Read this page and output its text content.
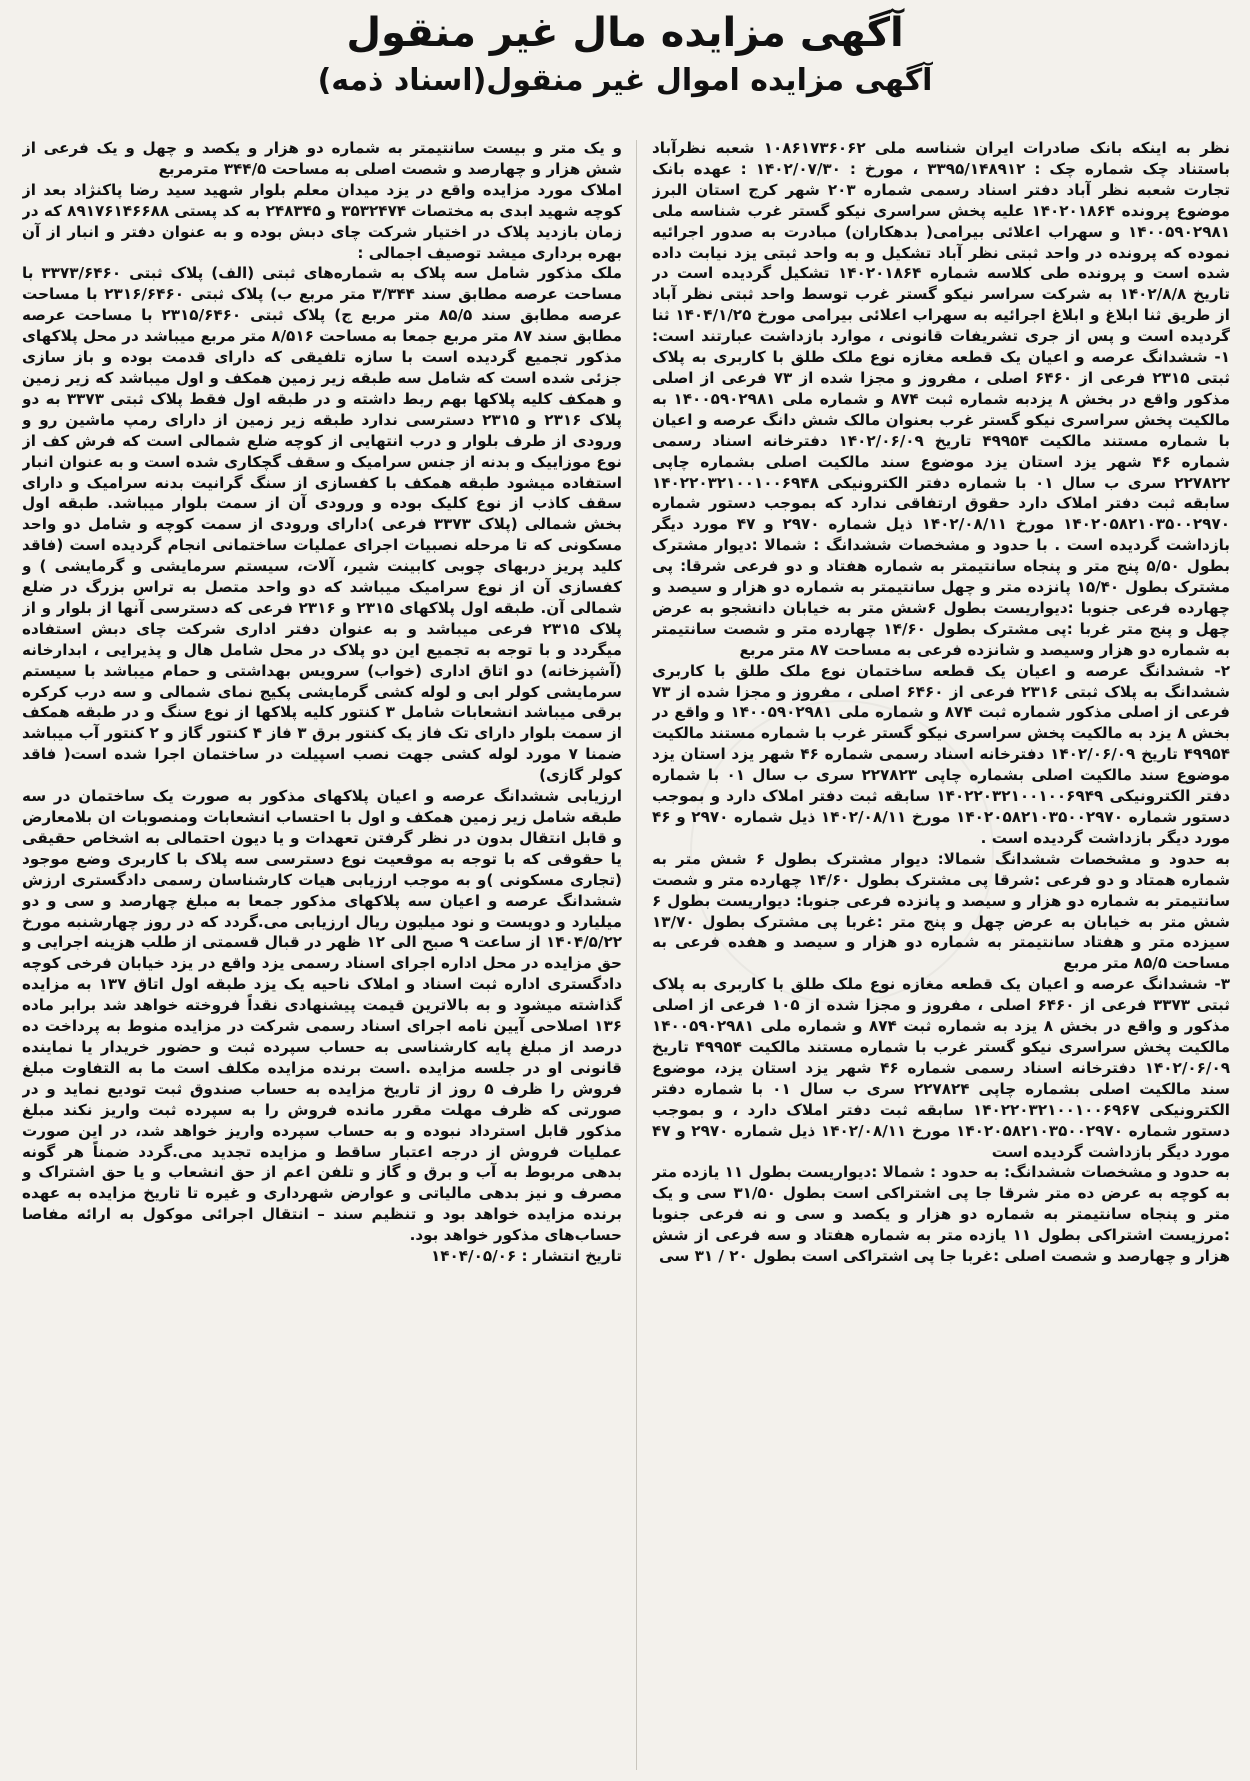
آگهی مزایده مال غیر منقول
آگهی مزایده اموال غیر منقول(اسناد ذمه)

نظر به اینکه بانک صادرات ایران شناسه ملی ۱۰۸۶۱۷۳۶۰۶۲ شعبه نظرآباد باستناد چک شماره چک : ۳۳۹۵/۱۴۸۹۱۲ ، مورخ : ۱۴۰۲/۰۷/۳۰ : عهده بانک تجارت شعبه نظر آباد دفتر اسناد رسمی شماره ۲۰۳ شهر کرج استان البرز موضوع پرونده ۱۴۰۲۰۱۸۶۴ علیه پخش سراسری نیکو گستر غرب شناسه ملی ۱۴۰۰۵۹۰۲۹۸۱ و سهراب اعلائی بیرامی( بدهکاران) مبادرت به صدور اجرائیه نموده که پرونده در واحد ثبتی نظر آباد تشکیل و به واحد ثبتی یزد نیابت داده شده است و پرونده طی کلاسه شماره ۱۴۰۲۰۱۸۶۴ تشکیل گردیده است در تاریخ ۱۴۰۲/۸/۸ به شرکت سراسر نیکو گستر غرب توسط واحد ثبتی نظر آباد از طریق ثنا ابلاغ و ابلاغ اجرائیه به سهراب اعلائی بیرامی مورخ ۱۴۰۴/۱/۲۵ ثنا گردیده است و پس از جری تشریفات قانونی ، موارد بازداشت عبارتند است: ۱- ششدانگ عرصه و اعیان یک قطعه مغازه نوع ملک طلق با کاربری به پلاک ثبتی ۲۳۱۵ فرعی از ۶۴۶۰ اصلی ، مفروز و مجزا شده از ۷۳ فرعی از اصلی مذکور واقع در بخش ۸ یزدبه شماره ثبت ۸۷۴ و شماره ملی ۱۴۰۰۵۹۰۲۹۸۱ به مالکیت پخش سراسری نیکو گستر غرب بعنوان مالک شش دانگ عرصه و اعیان با شماره مستند مالکیت ۴۹۹۵۴ تاریخ ۱۴۰۲/۰۶/۰۹ دفترخانه اسناد رسمی شماره ۴۶ شهر یزد استان یزد موضوع سند مالکیت اصلی بشماره چاپی ۲۲۷۸۲۲ سری ب سال ۰۱ با شماره دفتر الکترونیکی ۱۴۰۲۲۰۳۲۱۰۰۱۰۰۶۹۴۸ سابقه ثبت دفتر املاک دارد حقوق ارتفاقی ندارد که بموجب دستور شماره ۱۴۰۲۰۵۸۲۱۰۳۵۰۰۲۹۷۰ مورخ ۱۴۰۲/۰۸/۱۱ ذیل شماره ۲۹۷۰ و ۴۷ مورد دیگر بازداشت گردیده است . با حدود و مشخصات ششدانگ : شمالا :دیوار مشترک بطول ۵/۵۰ پنج متر و پنجاه سانتیمتر به شماره هفتاد و دو فرعی شرقا: پی مشترک بطول ۱۵/۴۰ پانزده متر و چهل سانتیمتر به شماره دو هزار و سیصد و چهارده فرعی جنوبا :دیواریست بطول ۶شش متر به خیابان دانشجو به عرض چهل و پنج متر غربا :پی مشترک بطول ۱۴/۶۰ چهارده متر و شصت سانتیمتر به شماره دو هزار وسیصد و شانزده فرعی به مساحت ۸۷ متر مربع

۲- ششدانگ عرصه و اعیان یک قطعه ساختمان نوع ملک طلق با کاربری ششدانگ به پلاک ثبتی ۲۳۱۶ فرعی از ۶۴۶۰ اصلی ، مفروز و مجزا شده از ۷۳ فرعی از اصلی مذکور شماره ثبت ۸۷۴ و شماره ملی ۱۴۰۰۵۹۰۲۹۸۱ و واقع در بخش ۸ یزد به مالکیت پخش سراسری نیکو گستر غرب با شماره مستند مالکیت ۴۹۹۵۴ تاریخ ۱۴۰۲/۰۶/۰۹ دفترخانه اسناد رسمی شماره ۴۶ شهر یزد استان یزد موضوع سند مالکیت اصلی بشماره چاپی ۲۲۷۸۲۳ سری ب سال ۰۱ با شماره دفتر الکترونیکی ۱۴۰۲۲۰۳۲۱۰۰۱۰۰۶۹۴۹ سابقه ثبت دفتر املاک دارد و بموجب دستور شماره ۱۴۰۲۰۵۸۲۱۰۳۵۰۰۲۹۷۰ مورخ ۱۴۰۲/۰۸/۱۱ ذیل شماره ۲۹۷۰ و ۴۶ مورد دیگر بازداشت گردیده است .

به حدود و مشخصات ششدانگ شمالا: دیوار مشترک بطول ۶ شش متر به شماره همتاد و دو فرعی :شرقا پی مشترک بطول ۱۴/۶۰ چهارده متر و شصت سانتیمتر به شماره دو هزار و سیصد و پانزده فرعی جنوبا: دیواریست بطول ۶ شش متر به خیابان به عرض چهل و پنج متر :غربا پی مشترک بطول ۱۳/۷۰ سیزده متر و هفتاد سانتیمتر به شماره دو هزار و سیصد و هفده فرعی به مساحت ۸۵/۵ متر مربع

۳- ششدانگ عرصه و اعیان یک قطعه مغازه نوع ملک طلق با کاربری به پلاک ثبتی ۳۳۷۳ فرعی از ۶۴۶۰ اصلی ، مفروز و مجزا شده از ۱۰۵ فرعی از اصلی مذکور و واقع در بخش ۸ یزد به شماره ثبت ۸۷۴ و شماره ملی ۱۴۰۰۵۹۰۲۹۸۱ مالکیت پخش سراسری نیکو گستر غرب با شماره مستند مالکیت ۴۹۹۵۴ تاریخ ۱۴۰۲/۰۶/۰۹ دفترخانه اسناد رسمی شماره ۴۶ شهر یزد استان یزد، موضوع سند مالکیت اصلی بشماره چاپی ۲۲۷۸۲۴ سری ب سال ۰۱ با شماره دفتر الکترونیکی ۱۴۰۲۲۰۳۲۱۰۰۱۰۰۶۹۶۷ سابقه ثبت دفتر املاک دارد ، و بموجب دستور شماره ۱۴۰۲۰۵۸۲۱۰۳۵۰۰۲۹۷۰ مورخ ۱۴۰۲/۰۸/۱۱ ذیل شماره ۲۹۷۰ و ۴۷ مورد دیگر بازداشت گردیده است

به حدود و مشخصات ششدانگ: به حدود : شمالا :دیواریست بطول ۱۱ یازده متر به کوچه به عرض ده متر شرقا جا پی اشتراکی است بطول ۳۱/۵۰ سی و یک متر و پنجاه سانتیمتر به شماره دو هزار و یکصد و سی و نه فرعی جنوبا :مرزیست اشتراکی بطول ۱۱ یازده متر به شماره هفتاد و سه فرعی از شش هزار و چهارصد و شصت اصلی :غربا جا پی اشتراکی است بطول ۲۰ / ۳۱ سی

و یک متر و بیست سانتیمتر به شماره دو هزار و یکصد و چهل و یک فرعی از شش هزار و چهارصد و شصت اصلی به مساحت ۳۴۴/۵ مترمربع

املاک مورد مزایده واقع در یزد میدان معلم بلوار شهید سید رضا پاکنژاد بعد از کوچه شهید ابدی به مختصات ۳۵۳۲۴۷۴ و ۲۴۸۳۴۵ به کد پستی ۸۹۱۷۶۱۴۶۶۸۸ که در زمان بازدید پلاک در اختیار شرکت چای دبش بوده و به عنوان دفتر و انبار از آن بهره برداری میشد توصیف اجمالی :

ملک مذکور شامل سه پلاک به شماره‌های ثبتی (الف) پلاک ثبتی ۳۳۷۳/۶۴۶۰ با مساحت عرصه مطابق سند ۳/۳۴۴ متر مربع ب) پلاک ثبتی ۲۳۱۶/۶۴۶۰ با مساحت عرصه مطابق سند ۸۵/۵ متر مربع ج) پلاک ثبتی ۲۳۱۵/۶۴۶۰ با مساحت عرصه مطابق سند ۸۷ متر مربع جمعا به مساحت ۸/۵۱۶ متر مربع میباشد در محل پلاکهای مذکور تجمیع گردیده است با سازه تلفیقی که دارای قدمت بوده و باز سازی جزئی شده است که شامل سه طبقه زیر زمین همکف و اول میباشد که زیر زمین و همکف کلیه پلاکها بهم ربط داشته و در طبقه اول فقط پلاک ثبتی ۳۳۷۳ به دو پلاک ۲۳۱۶ و ۲۳۱۵ دسترسی ندارد طبقه زیر زمین از دارای رمپ ماشین رو و ورودی از طرف بلوار و درب انتهایی از کوچه ضلع شمالی است که فرش کف از نوع موزاییک و بدنه از جنس سرامیک و سقف گچکاری شده است و به عنوان انبار استفاده میشود طبقه همکف با کفسازی از سنگ گرانیت بدنه سرامیک و دارای سقف کاذب از نوع کلیک بوده و ورودی آن از سمت بلوار میباشد. طبقه اول بخش شمالی (پلاک ۳۳۷۳ فرعی )دارای ورودی از سمت کوچه و شامل دو واحد مسکونی که تا مرحله نصبیات اجرای عملیات ساختمانی انجام گردیده است (فاقد کلید پریز دربهای چوبی کابینت شیر، آلات، سیستم سرمایشی و گرمایشی ) و کفسازی آن از نوع سرامیک میباشد که دو واحد متصل به تراس بزرگ در ضلع شمالی آن. طبقه اول پلاکهای ۲۳۱۵ و ۲۳۱۶ فرعی که دسترسی آنها از بلوار و از پلاک ۲۳۱۵ فرعی میباشد و به عنوان دفتر اداری شرکت چای دبش استفاده میگردد و با توجه به تجمیع این دو پلاک در محل شامل هال و پذیرایی ، ابدارخانه (آشپزخانه) دو اتاق اداری (خواب) سرویس بهداشتی و حمام میباشد با سیستم سرمایشی کولر ابی و لوله کشی گرمایشی پکیج نمای شمالی و سه درب کرکره برقی میباشد انشعابات شامل ۳ کنتور کلیه پلاکها از نوع سنگ و در طبقه همکف از سمت بلوار دارای تک فاز یک کنتور برق ۳ فاز ۴ کنتور گاز و ۲ کنتور آب میباشد ضمنا ۷ مورد لوله کشی جهت نصب اسپیلت در ساختمان اجرا شده است( فاقد کولر گازی)

ارزیابی ششدانگ عرصه و اعیان پلاکهای مذکور به صورت یک ساختمان در سه طبقه شامل زیر زمین همکف و اول با احتساب انشعابات ومنصوبات ان بلامعارض و قابل انتقال بدون در نظر گرفتن تعهدات و یا دیون احتمالی به اشخاص حقیقی یا حقوقی که با توجه به موقعیت نوع دسترسی سه پلاک با کاربری وضع موجود (تجاری مسکونی )و به موجب ارزیابی هیات کارشناسان رسمی دادگستری ارزش ششدانگ عرصه و اعیان سه پلاکهای مذکور جمعا به مبلغ چهارصد و سی و دو میلیارد و دویست و نود میلیون ریال ارزیابی می.گردد که در روز چهارشنبه مورخ ۱۴۰۴/۵/۲۲ از ساعت ۹ صبح الی ۱۲ ظهر در قبال قسمتی از طلب هزینه اجرایی و حق مزایده در محل اداره اجرای اسناد رسمی یزد واقع در یزد خیابان فرخی کوچه دادگستری اداره ثبت اسناد و املاک ناحیه یک یزد طبقه اول اتاق ۱۳۷ به مزایده گذاشته میشود و به بالاترین قیمت پیشنهادی نقداً فروخته خواهد شد برابر ماده ۱۳۶ اصلاحی آیین نامه اجرای اسناد رسمی شرکت در مزایده منوط به پرداخت ده درصد از مبلغ پایه کارشناسی به حساب سپرده ثبت و حضور خریدار یا نماینده قانونی او در جلسه مزایده .است برنده مزایده مکلف است ما به التفاوت مبلغ فروش را ظرف ۵ روز از تاریخ مزایده به حساب صندوق ثبت تودیع نماید و در صورتی که ظرف مهلت مقرر مانده فروش را به سپرده ثبت واریز نکند مبلغ مذکور قابل استرداد نبوده و به حساب سپرده واریز خواهد شد، در این صورت عملیات فروش از درجه اعتبار ساقط و مزایده تجدید می.گردد ضمناً هر گونه بدهی مربوط به آب و برق و گاز و تلفن اعم از حق انشعاب و یا حق اشتراک و مصرف و نیز بدهی مالیاتی و عوارض شهرداری و غیره تا تاریخ مزایده به عهده برنده مزایده خواهد بود و تنظیم سند – انتقال اجرائی موکول به ارائه مفاصا حساب‌های مذکور خواهد بود.

تاریخ انتشار : ۱۴۰۴/۰۵/۰۶
